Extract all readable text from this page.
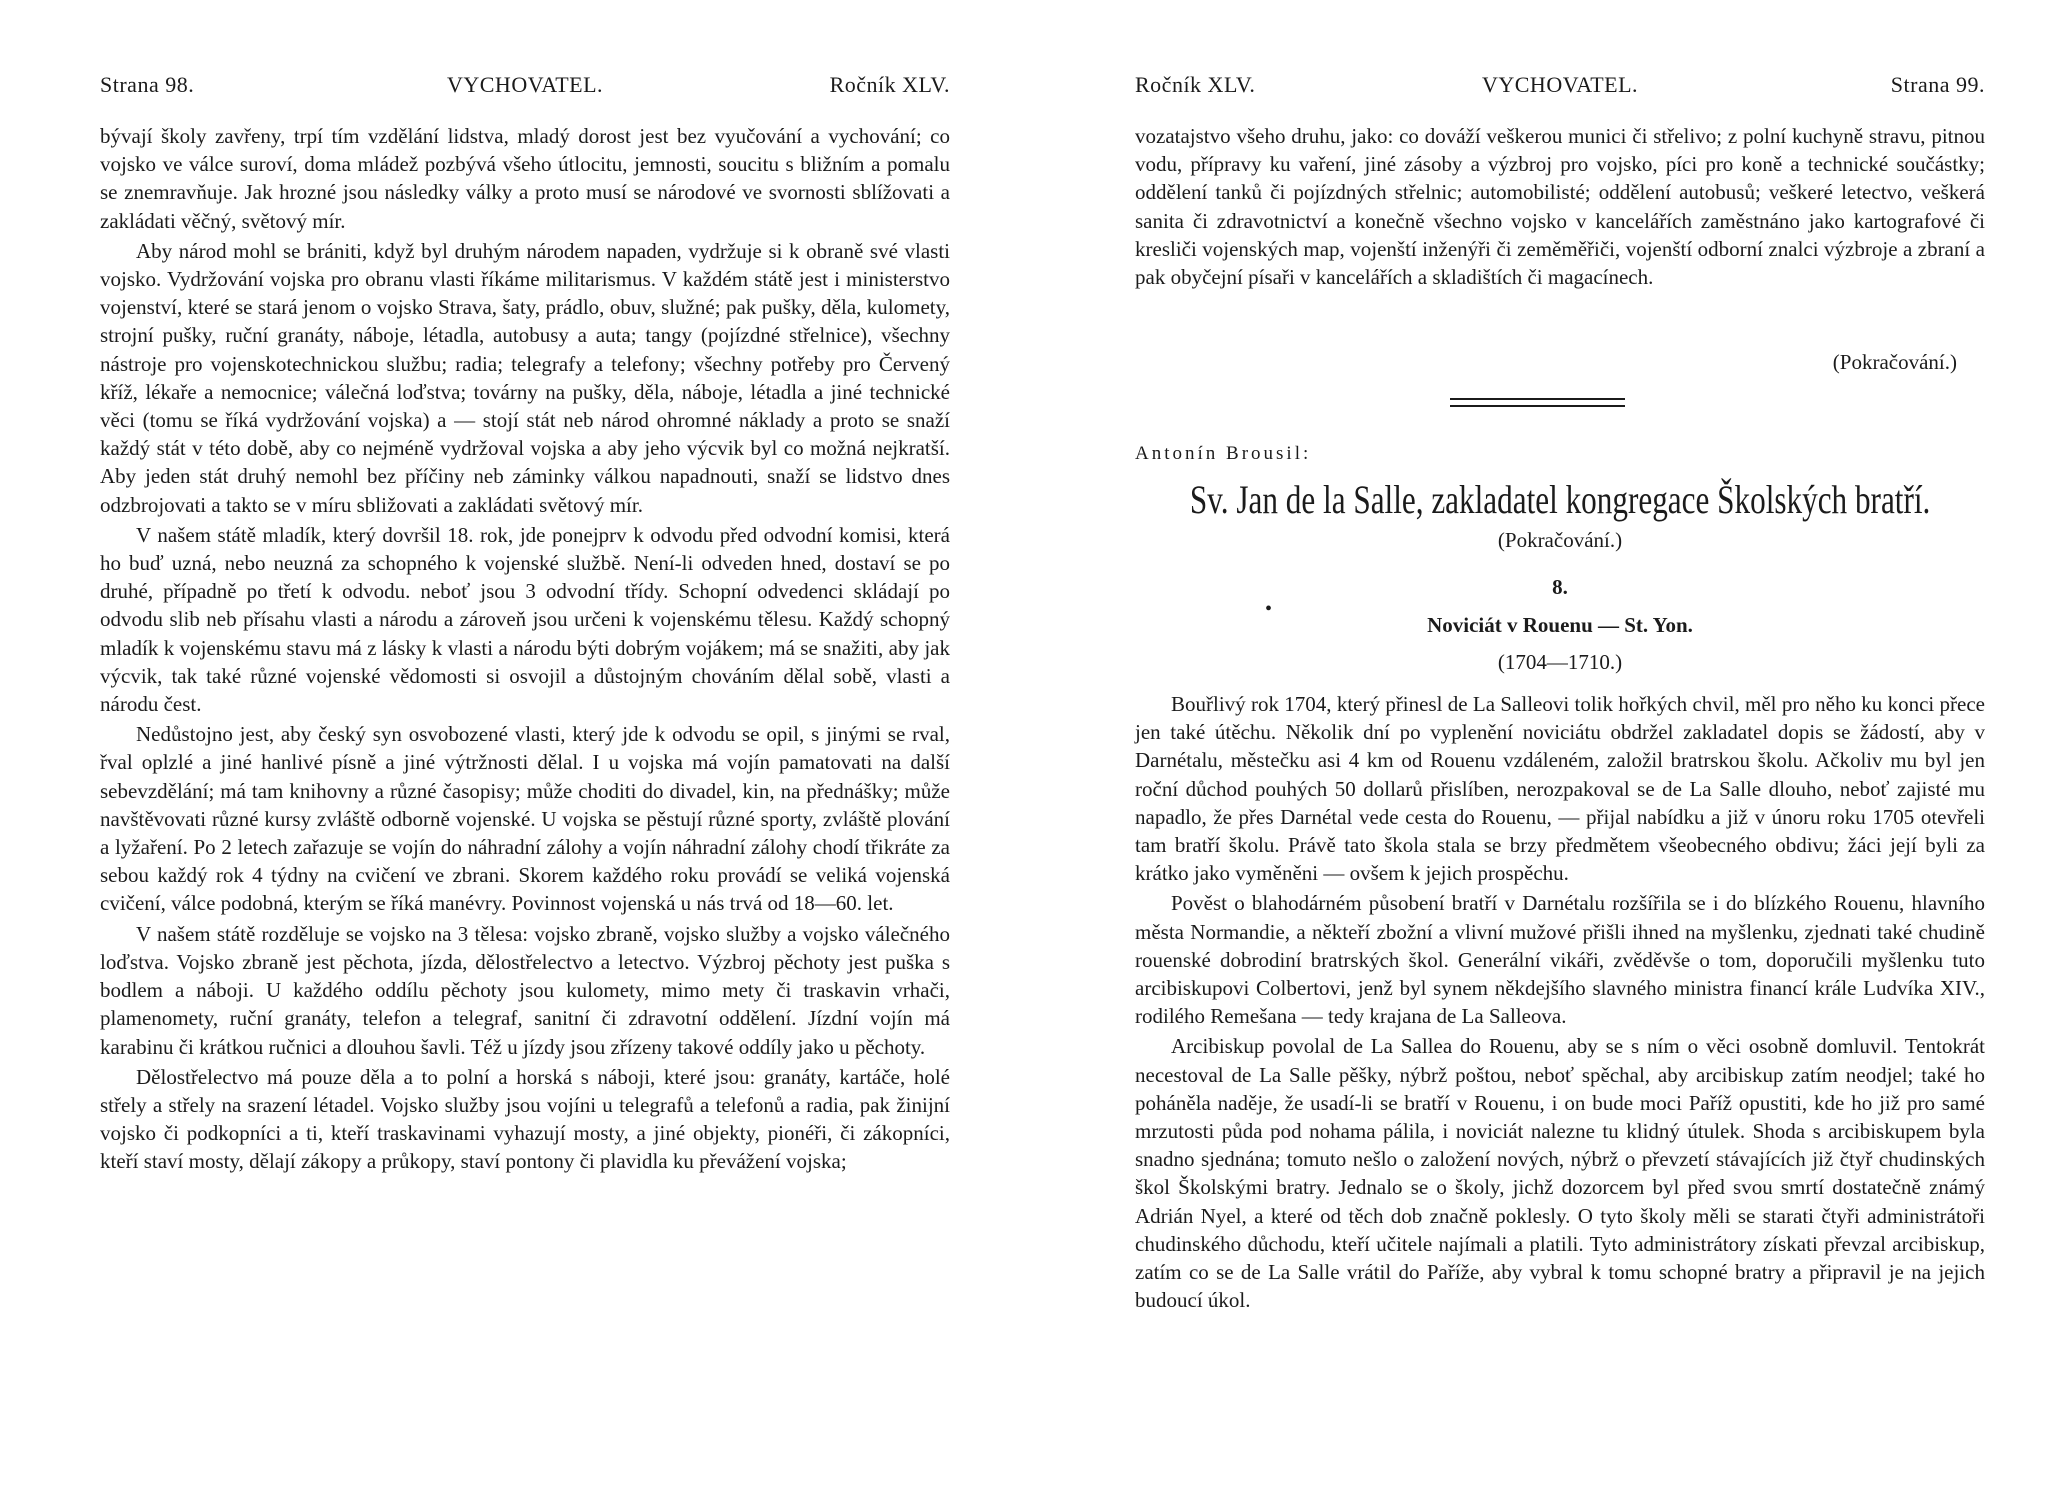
Strana 98.	VYCHOVATEL.	Ročník XLV.

bývají školy zavřeny, trpí tím vzdělání lidstva, mladý dorost jest bez vyučování a vychování; co vojsko ve válce suroví, doma mládež pozbývá všeho útlocitu, jemnosti, soucitu s bližním a pomalu se znemravňuje. Jak hrozné jsou následky války a proto musí se národové ve svornosti sblížovati a zakládati věčný, světový mír.

Aby národ mohl se brániti, když byl druhým národem napaden, vydržuje si k obraně své vlasti vojsko. Vydržování vojska pro obranu vlasti říkáme militarismus. V každém státě jest i ministerstvo vojenství, které se stará jenom o vojsko Strava, šaty, prádlo, obuv, služné; pak pušky, děla, kulomety, strojní pušky, ruční granáty, náboje, létadla, autobusy a auta; tangy (pojízdné střelnice), všechny nástroje pro vojenskotechnickou službu; radia; telegrafy a telefony; všechny potřeby pro Červený kříž, lékaře a nemocnice; válečná loďstva; továrny na pušky, děla, náboje, létadla a jiné technické věci (tomu se říká vydržování vojska) a — stojí stát neb národ ohromné náklady a proto se snaží každý stát v této době, aby co nejméně vydržoval vojska a aby jeho výcvik byl co možná nejkratší. Aby jeden stát druhý nemohl bez příčiny neb záminky válkou napadnouti, snaží se lidstvo dnes odzbrojovati a takto se v míru sbližovati a zakládati světový mír.

V našem státě mladík, který dovršil 18. rok, jde ponejprv k odvodu před odvodní komisi, která ho buď uzná, nebo neuzná za schopného k vojenské službě. Není-li odveden hned, dostaví se po druhé, případně po třetí k odvodu. neboť jsou 3 odvodní třídy. Schopní odvedenci skládají po odvodu slib neb přísahu vlasti a národu a zároveň jsou určeni k vojenskému tělesu. Každý schopný mladík k vojenskému stavu má z lásky k vlasti a národu býti dobrým vojákem; má se snažiti, aby jak výcvik, tak také různé vojenské vědomosti si osvojil a důstojným chováním dělal sobě, vlasti a národu čest.

Nedůstojno jest, aby český syn osvobozené vlasti, který jde k odvodu se opil, s jinými se rval, řval oplzlé a jiné hanlivé písně a jiné výtržnosti dělal. I u vojska má vojín pamatovati na další sebevzdělání; má tam knihovny a různé časopisy; může choditi do divadel, kin, na přednášky; může navštěvovati různé kursy zvláště odborně vojenské. U vojska se pěstují různé sporty, zvláště plování a lyžaření. Po 2 letech zařazuje se vojín do náhradní zálohy a vojín náhradní zálohy chodí třikráte za sebou každý rok 4 týdny na cvičení ve zbrani. Skorem každého roku provádí se veliká vojenská cvičení, válce podobná, kterým se říká manévry. Povinnost vojenská u nás trvá od 18—60. let.

V našem státě rozděluje se vojsko na 3 tělesa: vojsko zbraně, vojsko služby a vojsko válečného loďstva. Vojsko zbraně jest pěchota, jízda, dělostřelectvo a letectvo. Výzbroj pěchoty jest puška s bodlem a náboji. U každého oddílu pěchoty jsou kulomety, mimo mety či traskavin vrhači, plamenomety, ruční granáty, telefon a telegraf, sanitní či zdravotní oddělení. Jízdní vojín má karabinu či krátkou ručnici a dlouhou šavli. Též u jízdy jsou zřízeny takové oddíly jako u pěchoty.

Dělostřelectvo má pouze děla a to polní a horská s náboji, které jsou: granáty, kartáče, holé střely a střely na srazení létadel. Vojsko služby jsou vojíni u telegrafů a telefonů a radia, pak žinijní vojsko či podkopníci a ti, kteří traskavinami vyhazují mosty, a jiné objekty, pionéři, či zákopníci, kteří staví mosty, dělají zákopy a průkopy, staví pontony či plavidla ku převážení vojska;

Ročník XLV.	VYCHOVATEL.	Strana 99.

vozatajstvo všeho druhu, jako: co dováží veškerou munici či střelivo; z polní kuchyně stravu, pitnou vodu, přípravy ku vaření, jiné zásoby a výzbroj pro vojsko, píci pro koně a technické součástky; oddělení tanků či pojízdných střelnic; automobilisté; oddělení autobusů; veškeré letectvo, veškerá sanita či zdravotnictví a konečně všechno vojsko v kancelářích zaměstnáno jako kartografové či kresliči vojenských map, vojenští inženýři či zeměměřiči, vojenští odborní znalci výzbroje a zbraní a pak obyčejní písaři v kancelářích a skladištích či magacínech.

(Pokračování.)
Antonín Brousil:
Sv. Jan de la Salle, zakladatel kongregace Školských bratří.
(Pokračování.)
8.
Noviciát v Rouenu — St. Yon.
(1704—1710.)
•

Bouřlivý rok 1704, který přinesl de La Salleovi tolik hořkých chvil, měl pro něho ku konci přece jen také útěchu. Několik dní po vyplenění noviciátu obdržel zakladatel dopis se žádostí, aby v Darnétalu, městečku asi 4 km od Rouenu vzdáleném, založil bratrskou školu. Ačkoliv mu byl jen roční důchod pouhých 50 dollarů přislíben, nerozpakoval se de La Salle dlouho, neboť zajisté mu napadlo, že přes Darnétal vede cesta do Rouenu, — přijal nabídku a již v únoru roku 1705 otevřeli tam bratří školu. Právě tato škola stala se brzy předmětem všeobecného obdivu; žáci její byli za krátko jako vyměněni — ovšem k jejich prospěchu.

Pověst o blahodárném působení bratří v Darnétalu rozšířila se i do blízkého Rouenu, hlavního města Normandie, a někteří zbožní a vlivní mužové přišli ihned na myšlenku, zjednati také chudině rouenské dobrodiní bratrských škol. Generální vikáři, zvěděvše o tom, doporučili myšlenku tuto arcibiskupovi Colbertovi, jenž byl synem někdejšího slavného ministra financí krále Ludvíka XIV., rodilého Remešana — tedy krajana de La Salleova.

Arcibiskup povolal de La Sallea do Rouenu, aby se s ním o věci osobně domluvil. Tentokrát necestoval de La Salle pěšky, nýbrž poštou, neboť spěchal, aby arcibiskup zatím neodjel; také ho poháněla naděje, že usadí-li se bratří v Rouenu, i on bude moci Paříž opustiti, kde ho již pro samé mrzutosti půda pod nohama pálila, i noviciát nalezne tu klidný útulek. Shoda s arcibiskupem byla snadno sjednána; tomuto nešlo o založení nových, nýbrž o převzetí stávajících již čtyř chudinských škol Školskými bratry. Jednalo se o školy, jichž dozorcem byl před svou smrtí dostatečně známý Adrián Nyel, a které od těch dob značně poklesly. O tyto školy měli se starati čtyři administrátoři chudinského důchodu, kteří učitele najímali a platili. Tyto administrátory získati převzal arcibiskup, zatím co se de La Salle vrátil do Paříže, aby vybral k tomu schopné bratry a připravil je na jejich budoucí úkol.
